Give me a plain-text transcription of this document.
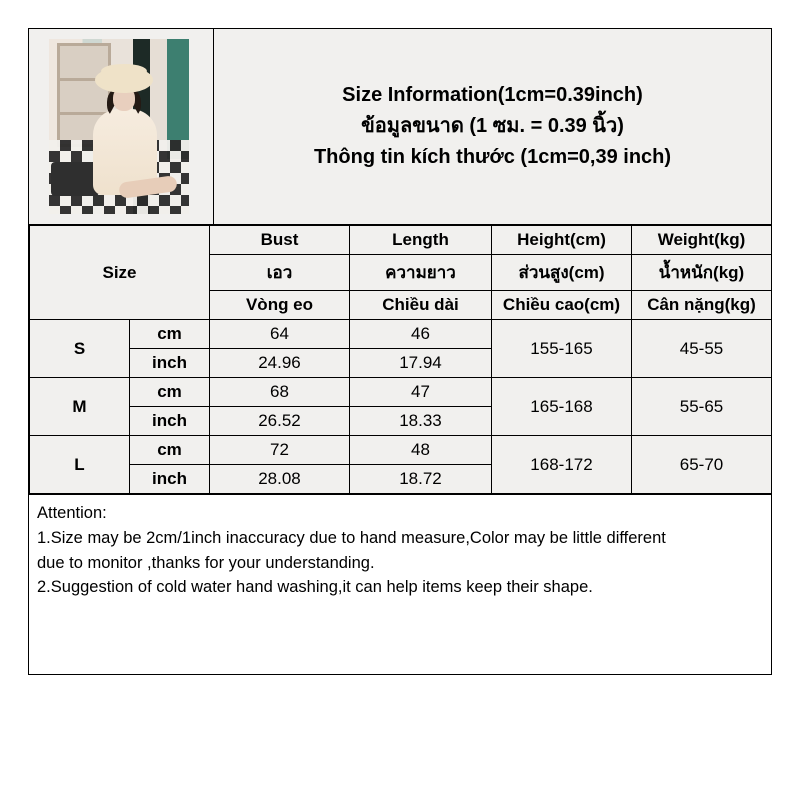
Size Information(1cm=0.39inch)
ข้อมูลขนาด (1 ซม. = 0.39 นิ้ว)
Thông tin kích thước (1cm=0,39 inch)
Size		Bust	Length	Height(cm)	Weight(kg)
		เอว	ความยาว	ส่วนสูง(cm)	น้ำหนัก(kg)
		Vòng eo	Chiều dài	Chiều cao(cm)	Cân nặng(kg)
S	cm	64	46	155-165	45-55
	inch	24.96	17.94		
M	cm	68	47	165-168	55-65
	inch	26.52	18.33		
L	cm	72	48	168-172	65-70
	inch	28.08	18.72		

Attention:

1.Size may be 2cm/1inch inaccuracy due to hand measure,Color may be little different

due to monitor ,thanks for your understanding.

2.Suggestion of cold water hand washing,it can help items keep their shape.
